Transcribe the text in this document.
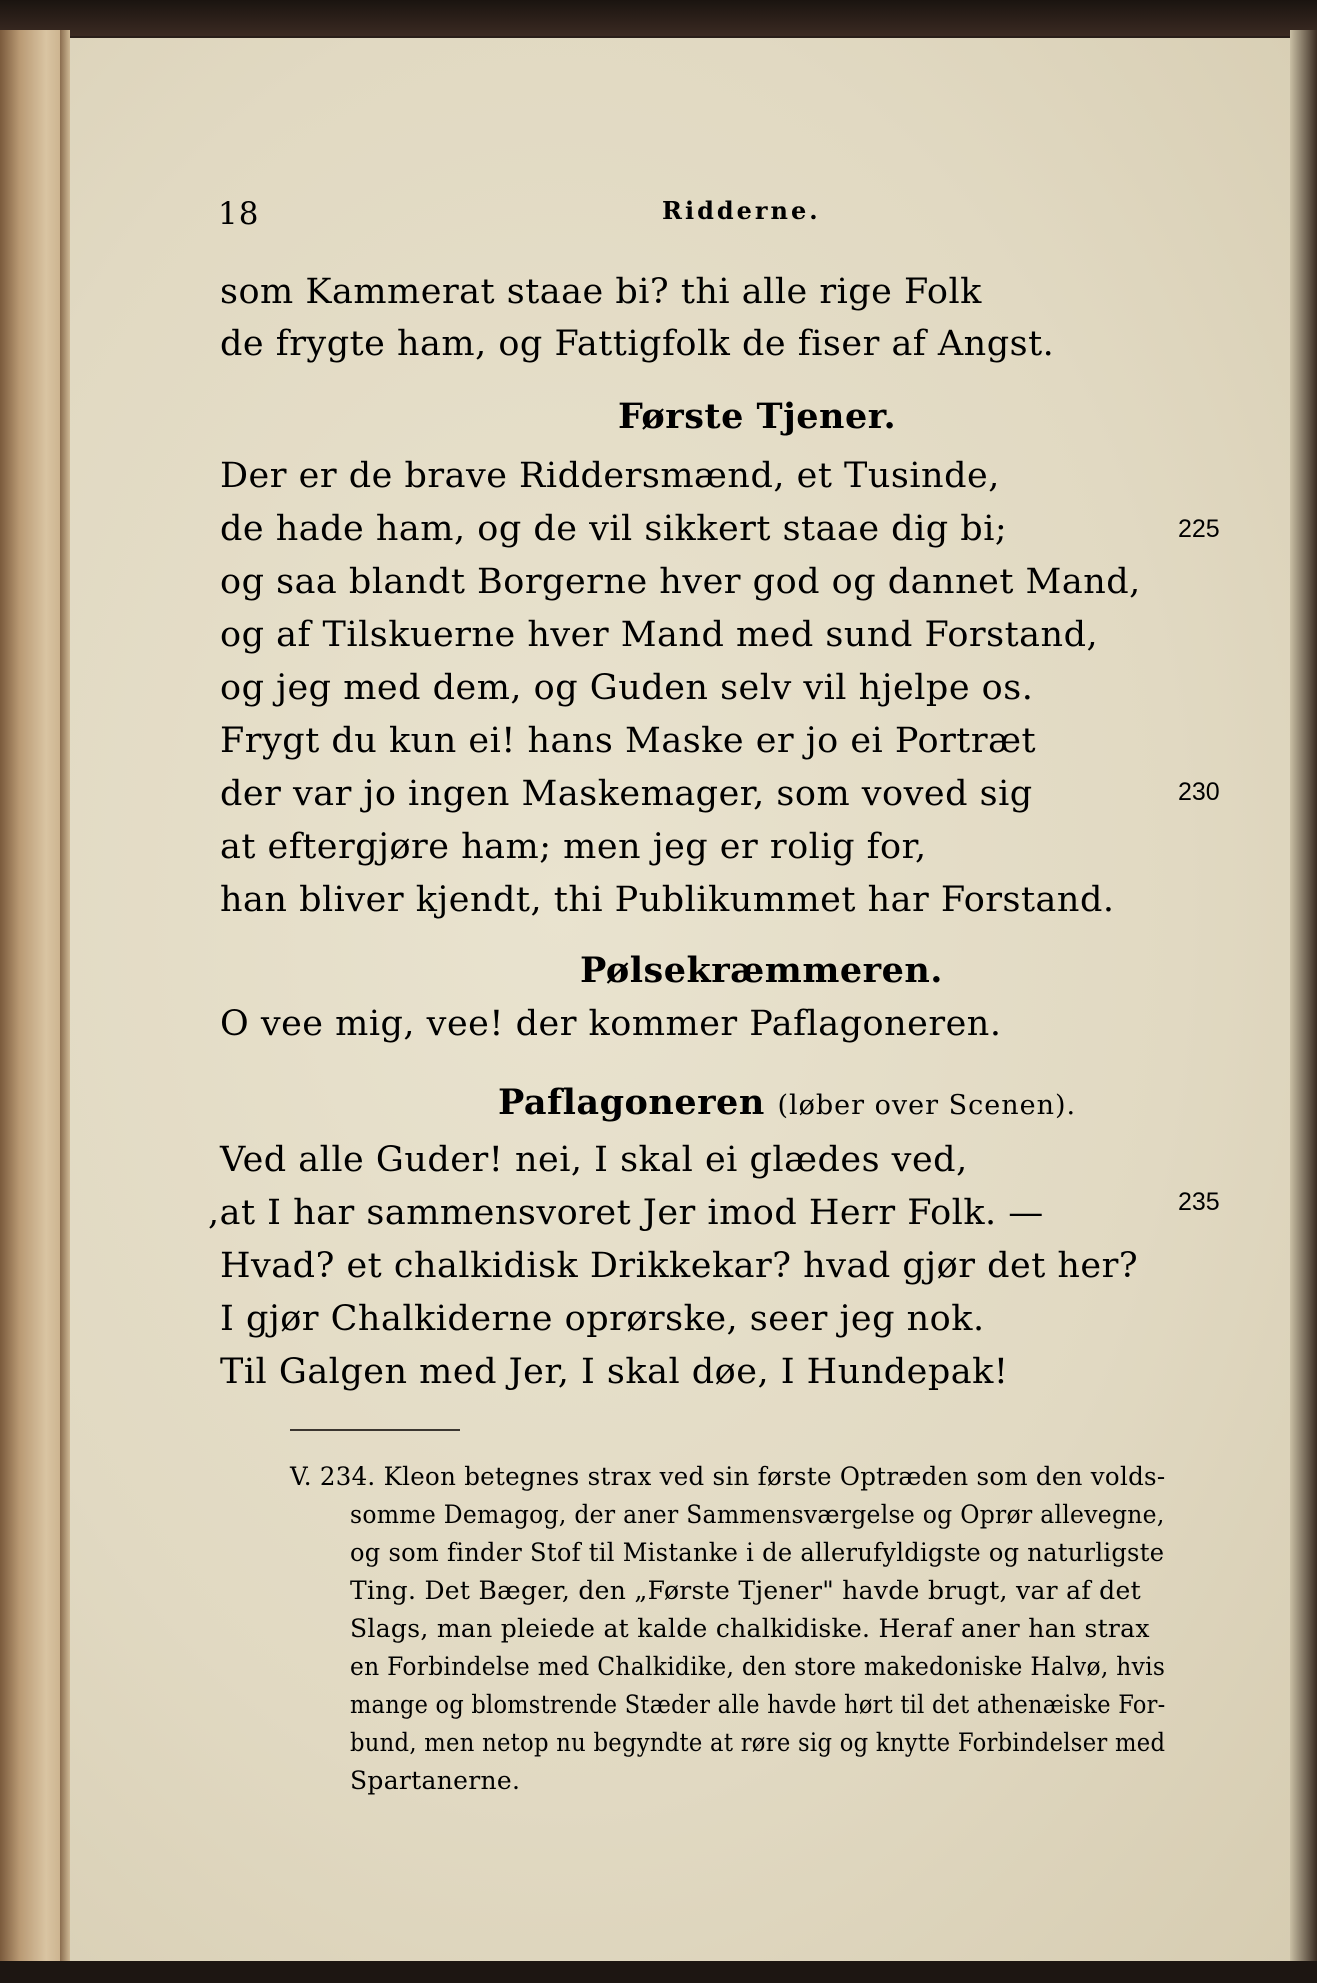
18	Ridderne.
som Kammerat staae bi? thi alle rige Folk
de frygte ham, og Fattigfolk de fiser af Angst.
Første Tjener.
Der er de brave Riddersmænd, et Tusinde,
de hade ham, og de vil sikkert staae dig bi;	225
og saa blandt Borgerne hver god og dannet Mand,
og af Tilskuerne hver Mand med sund Forstand,
og jeg med dem, og Guden selv vil hjelpe os.
Frygt du kun ei! hans Maske er jo ei Portræt
der var jo ingen Maskemager, som voved sig	230
at eftergjøre ham; men jeg er rolig for,
han bliver kjendt, thi Publikummet har Forstand.
Pølsekræmmeren.
O vee mig, vee! der kommer Paflagoneren.
Paflagoneren (løber over Scenen).
Ved alle Guder! nei, I skal ei glædes ved,
,at I har sammensvoret Jer imod Herr Folk. —	235
Hvad? et chalkidisk Drikkekar? hvad gjør det her?
I gjør Chalkiderne oprørske, seer jeg nok.
Til Galgen med Jer, I skal døe, I Hundepak!
V. 234. Kleon betegnes strax ved sin første Optræden som den volds-
somme Demagog, der aner Sammensværgelse og Oprør allevegne,
og som finder Stof til Mistanke i de allerufyldigste og naturligste
Ting. Det Bæger, den „Første Tjener" havde brugt, var af det
Slags, man pleiede at kalde chalkidiske. Heraf aner han strax
en Forbindelse med Chalkidike, den store makedoniske Halvø, hvis
mange og blomstrende Stæder alle havde hørt til det athenæiske For-
bund, men netop nu begyndte at røre sig og knytte Forbindelser med
Spartanerne.
